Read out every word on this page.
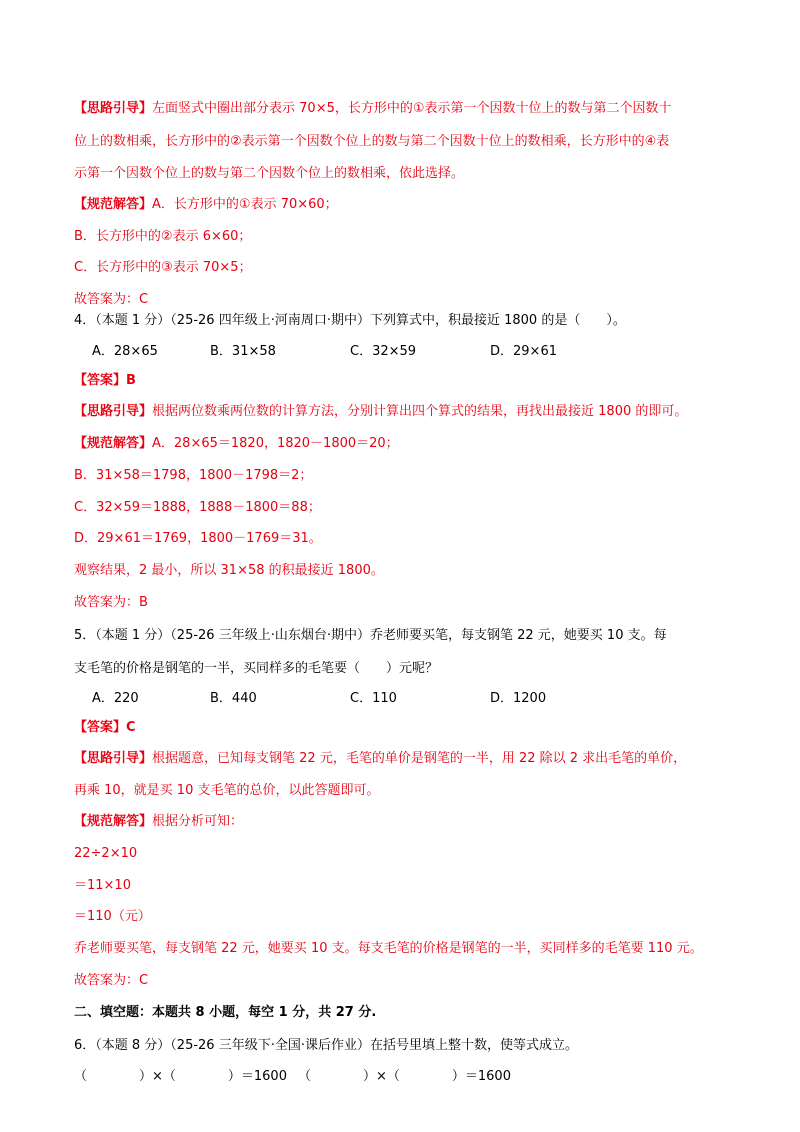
【思路引导】左面竖式中圈出部分表示 70×5，长方形中的①表示第一个因数十位上的数与第二个因数十
位上的数相乘，长方形中的②表示第一个因数个位上的数与第二个因数十位上的数相乘，长方形中的④表
示第一个因数个位上的数与第二个因数个位上的数相乘，依此选择。
【规范解答】A．长方形中的①表示 70×60；
B．长方形中的②表示 6×60；
C．长方形中的③表示 70×5；
故答案为：C
4．（本题 1 分）（25-26 四年级上·河南周口·期中）下列算式中，积最接近 1800 的是（　　）。
A．28×65	B．31×58	C．32×59	D．29×61
【答案】B
【思路引导】根据两位数乘两位数的计算方法，分别计算出四个算式的结果，再找出最接近 1800 的即可。
【规范解答】A．28×65＝1820，1820－1800＝20；
B．31×58＝1798，1800－1798＝2；
C．32×59＝1888，1888－1800＝88；
D．29×61＝1769，1800－1769＝31。
观察结果，2 最小，所以 31×58 的积最接近 1800。
故答案为：B
5．（本题 1 分）（25-26 三年级上·山东烟台·期中）乔老师要买笔，每支钢笔 22 元，她要买 10 支。每
支毛笔的价格是钢笔的一半，买同样多的毛笔要（　　）元呢？
A．220	B．440	C．110	D．1200
【答案】C
【思路引导】根据题意，已知每支钢笔 22 元，毛笔的单价是钢笔的一半，用 22 除以 2 求出毛笔的单价，
再乘 10，就是买 10 支毛笔的总价，以此答题即可。
【规范解答】根据分析可知：
22÷2×10
＝11×10
＝110（元）
乔老师要买笔，每支钢笔 22 元，她要买 10 支。每支毛笔的价格是钢笔的一半，买同样多的毛笔要 110 元。
故答案为：C
二、填空题：本题共 8 小题，每空 1 分，共 27 分.
6．（本题 8 分）（25-26 三年级下·全国·课后作业）在括号里填上整十数，使等式成立。
（　　　　）×（　　　　）＝1600 （　　　　）×（　　　　）＝1600
